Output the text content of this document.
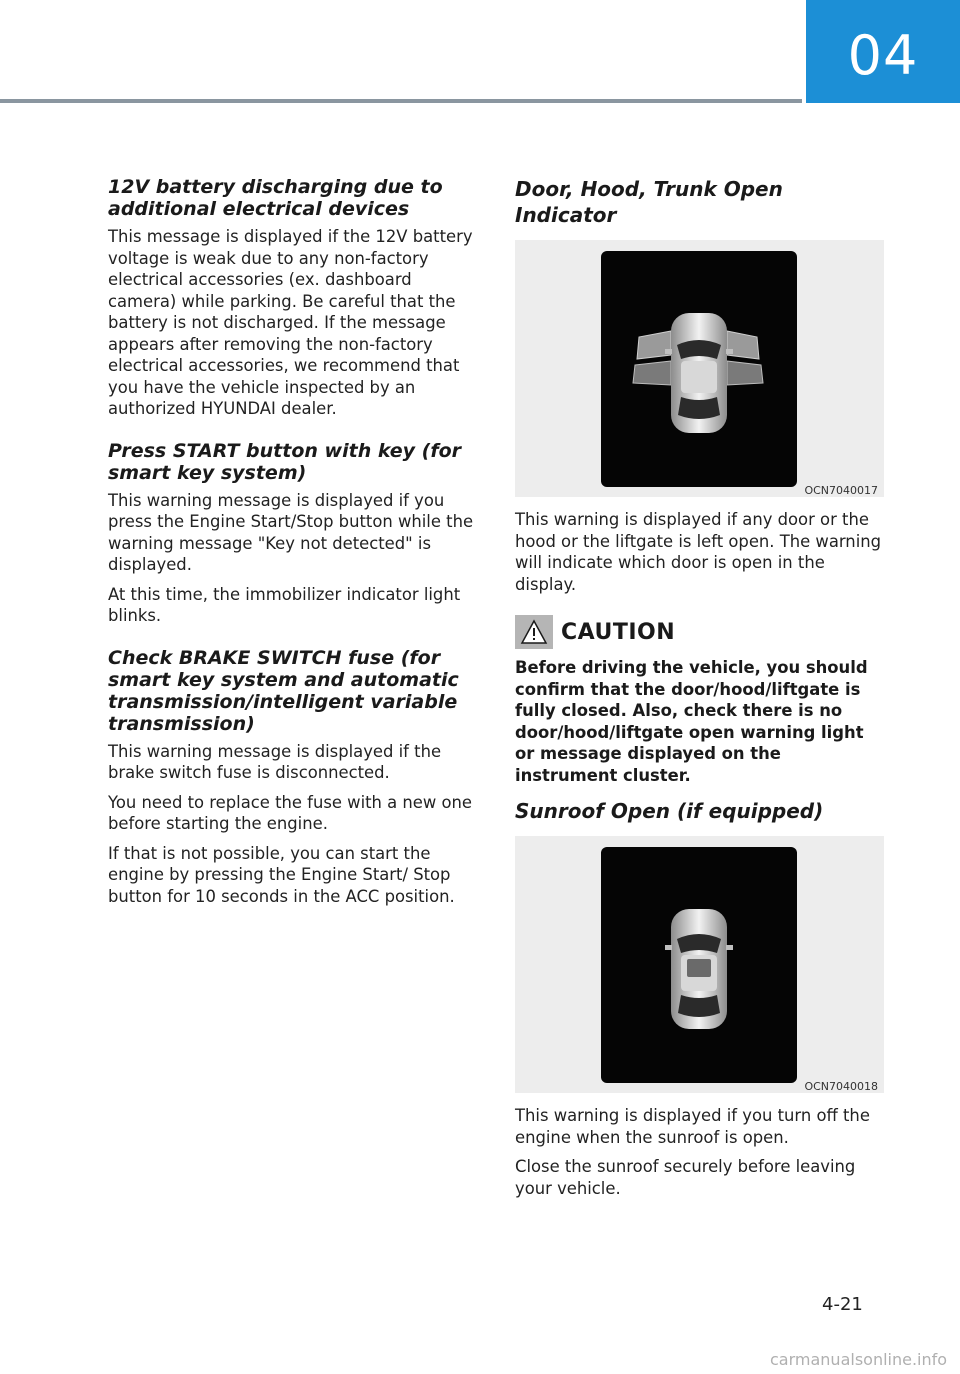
04
12V battery discharging due to additional electrical devices

This message is displayed if the 12V battery voltage is weak due to any non-factory electrical accessories (ex. dashboard camera) while parking. Be careful that the battery is not discharged. If the message appears after removing the non-factory electrical accessories, we recommend that you have the vehicle inspected by an authorized HYUNDAI dealer.

Press START button with key (for smart key system)

This warning message is displayed if you press the Engine Start/Stop button while the warning message "Key not detected" is displayed.

At this time, the immobilizer indicator light blinks.

Check BRAKE SWITCH fuse (for smart key system and automatic transmission/intelligent variable transmission)

This warning message is displayed if the brake switch fuse is disconnected.

You need to replace the fuse with a new one before starting the engine.

If that is not possible, you can start the engine by pressing the Engine Start/ Stop button for 10 seconds in the ACC position.

Door, Hood, Trunk Open Indicator
OCN7040017

This warning is displayed if any door or the hood or the liftgate is left open. The warning will indicate which door is open in the display.

CAUTION

Before driving the vehicle, you should confirm that the door/hood/liftgate is fully closed. Also, check there is no door/hood/liftgate open warning light or message displayed on the instrument cluster.

Sunroof Open (if equipped)
OCN7040018

This warning is displayed if you turn off the engine when the sunroof is open.

Close the sunroof securely before leaving your vehicle.

4-21
carmanualsonline.info
